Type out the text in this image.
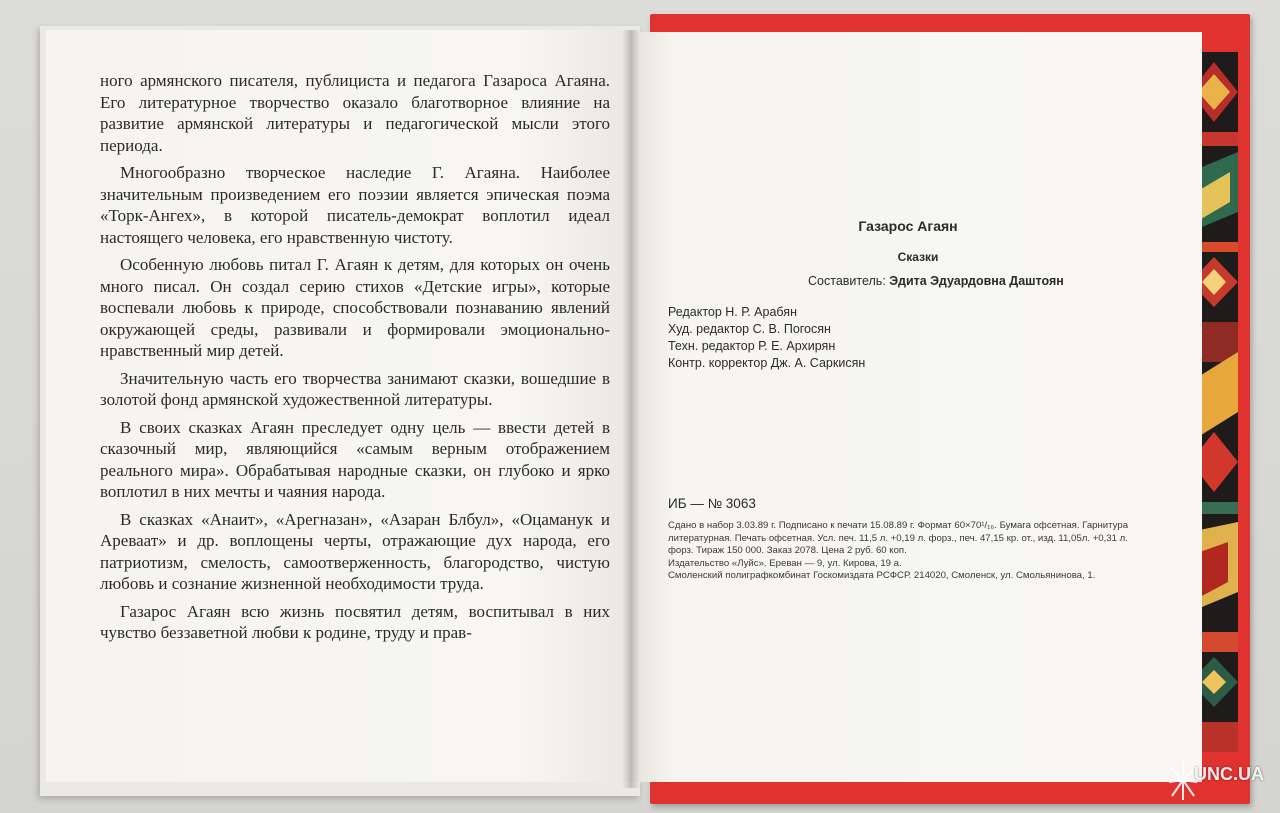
ного армянского писателя, публициста и педагога Газароса Агаяна. Его литературное творчество оказало благотворное влияние на развитие армянской литературы и педагогической мысли этого периода.

Многообразно творческое наследие Г. Агаяна. Наиболее значительным произведением его поэзии является эпическая поэма «Торк-Ангех», в которой писатель-демократ воплотил идеал настоящего человека, его нравственную чистоту.

Особенную любовь питал Г. Агаян к детям, для которых он очень много писал. Он создал серию стихов «Детские игры», которые воспевали любовь к природе, способствовали познаванию явлений окружающей среды, развивали и формировали эмоционально-нравственный мир детей.

Значительную часть его творчества занимают сказки, вошедшие в золотой фонд армянской художественной литературы.

В своих сказках Агаян преследует одну цель — ввести детей в сказочный мир, являющийся «самым верным отображением реального мира». Обрабатывая народные сказки, он глубоко и ярко воплотил в них мечты и чаяния народа.

В сказках «Анаит», «Арегназан», «Азаран Блбул», «Оцаманук и Ареваат» и др. воплощены черты, отражающие дух народа, его патриотизм, смелость, самоотверженность, благородство, чистую любовь и сознание жизненной необходимости труда.

Газарос Агаян всю жизнь посвятил детям, воспитывал в них чувство беззаветной любви к родине, труду и прав-

Газарос Агаян
Сказки
Составитель: Эдита Эдуардовна Даштоян
Редактор Н. Р. Арабян
Худ. редактор С. В. Погосян
Техн. редактор Р. Е. Архирян
Контр. корректор Дж. А. Саркисян
ИБ — № 3063
Сдано в набор 3.03.89 г. Подписано к печати 15.08.89 г. Формат 60×70¹/₁₆. Бумага офсетная. Гарнитура
литературная. Печать офсетная. Усл. печ. 11,5 л. +0,19 л. форз., печ. 47,15 кр. от., изд. 11,05л. +0,31 л.
форз. Тираж 150 000. Заказ 2078. Цена 2 руб. 60 коп.
Издательство «Луйс». Ереван — 9, ул. Кирова, 19 а.
Смоленский полиграфкомбинат Госкомиздата РСФСР. 214020, Смоленск, ул. Смольянинова, 1.
UNC.UA
